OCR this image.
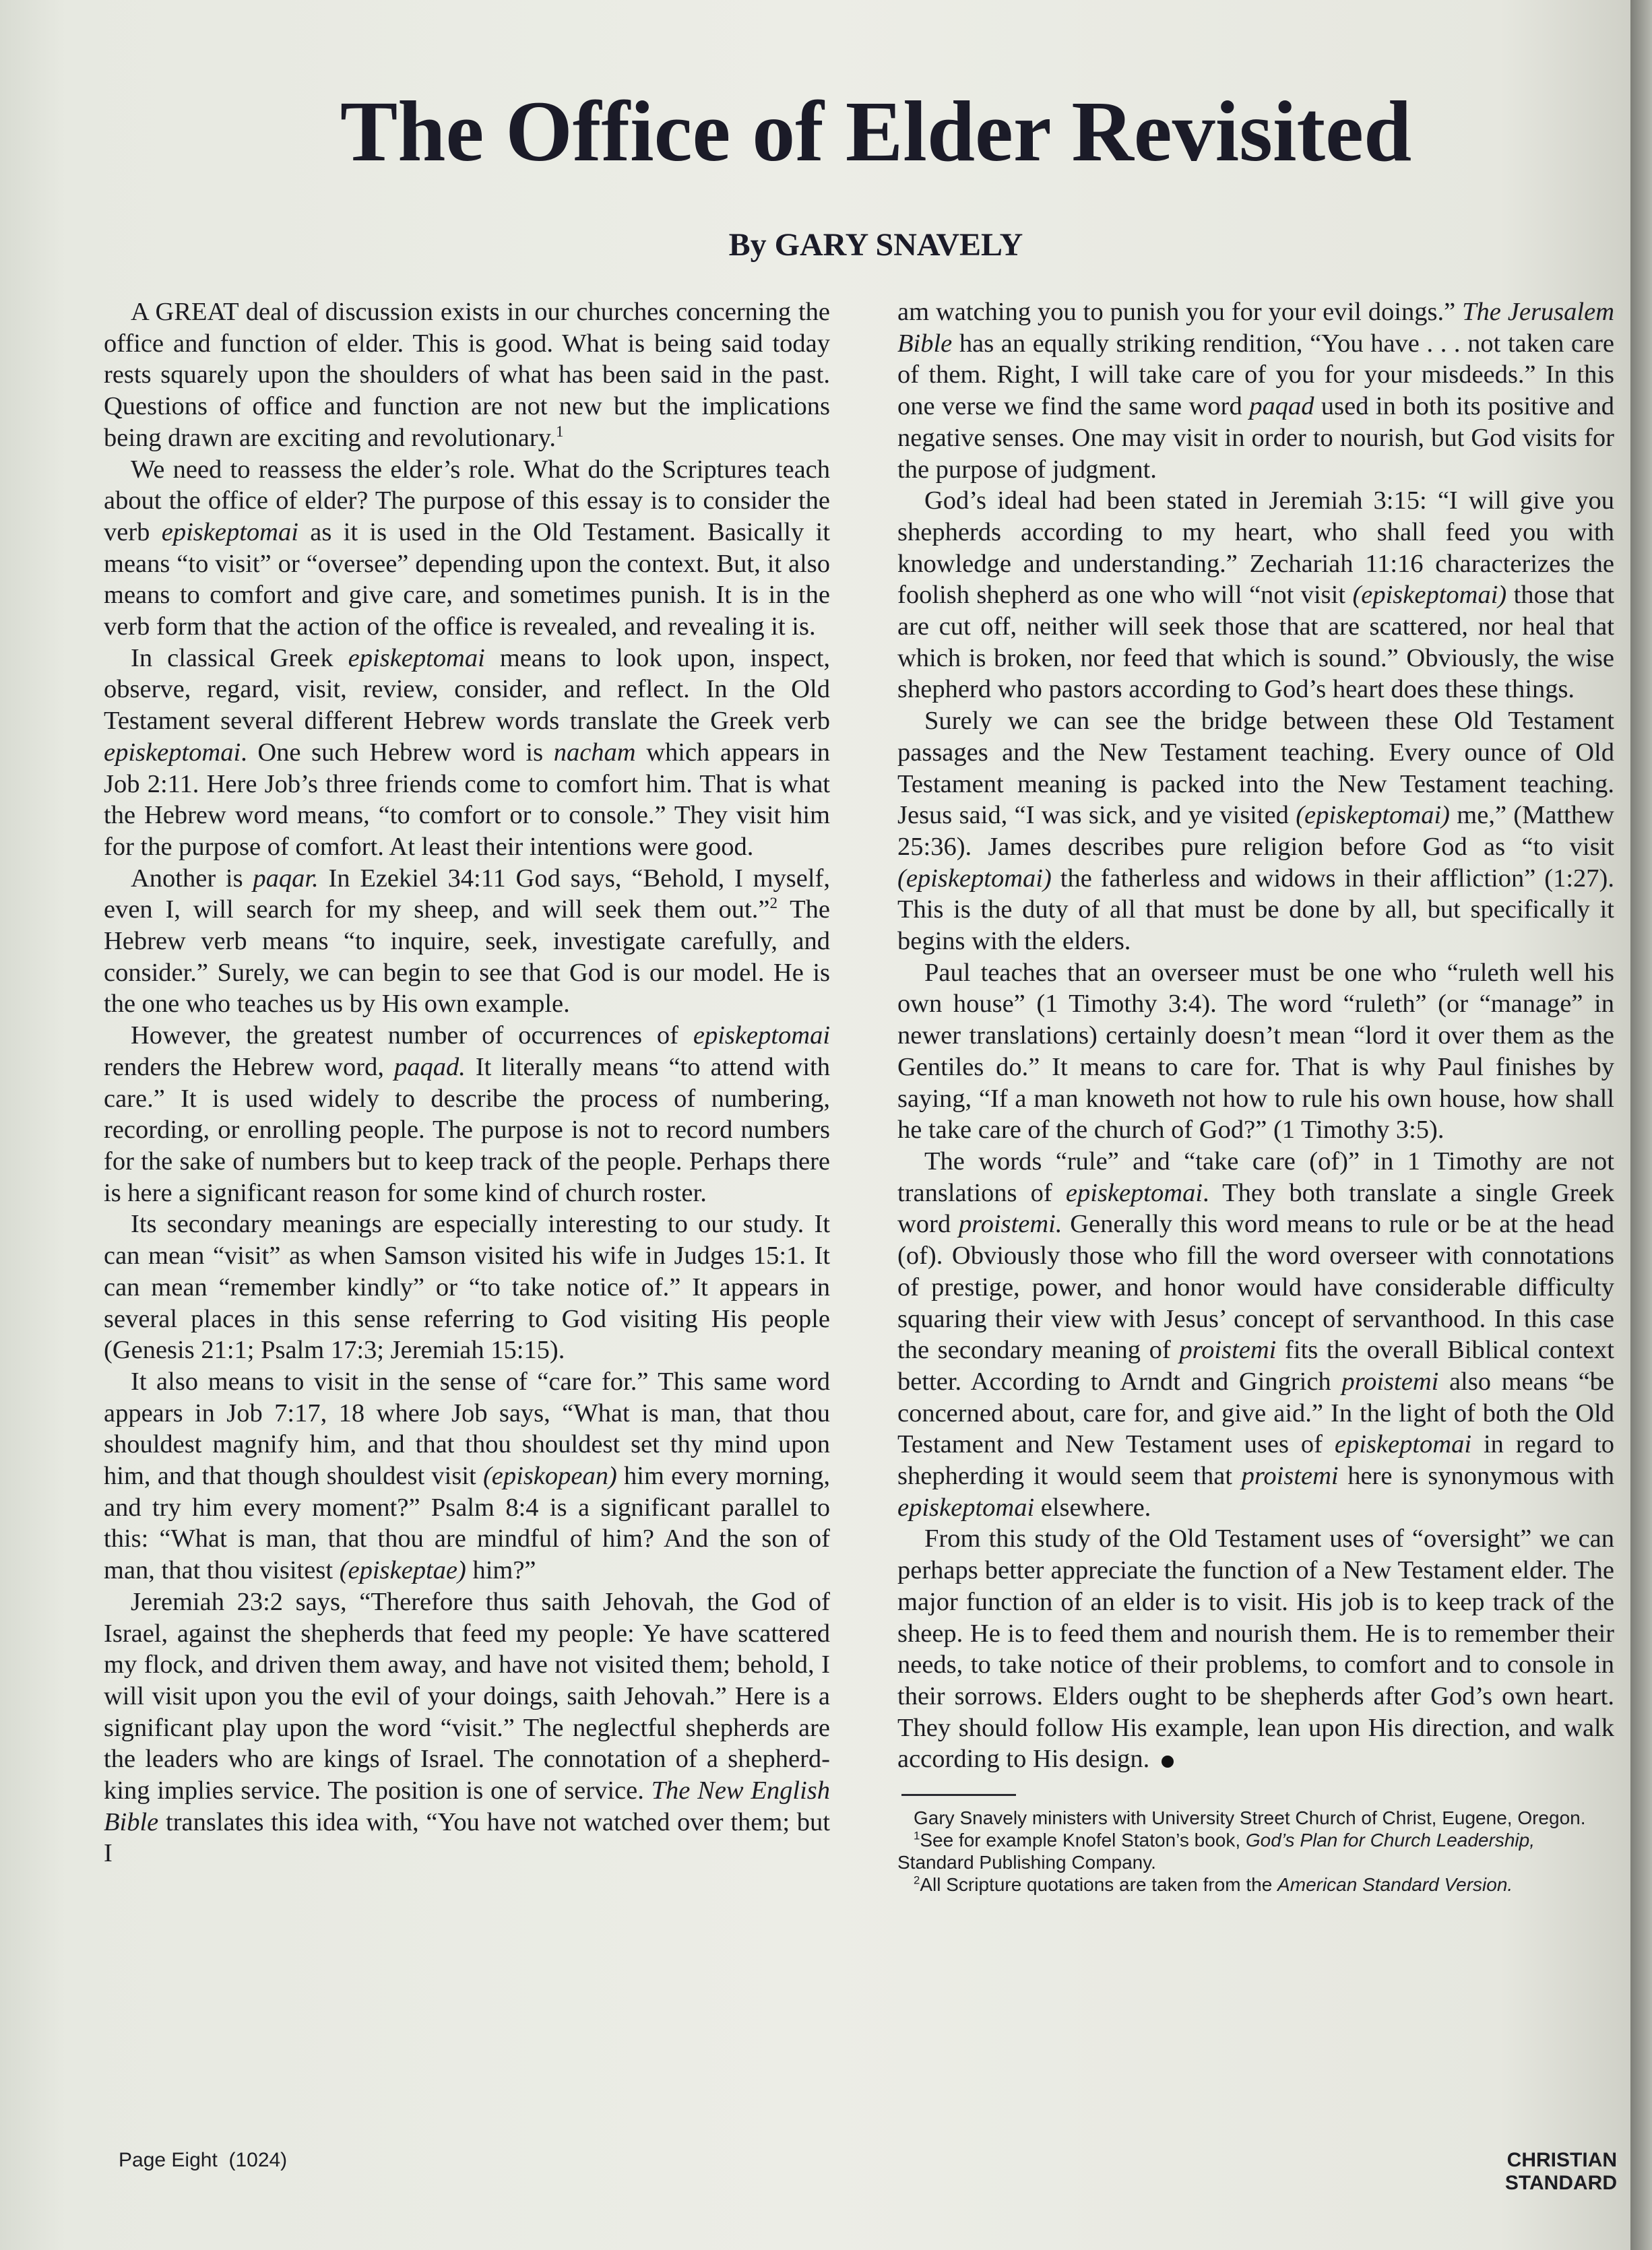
The Office of Elder Revisited
By GARY SNAVELY

A GREAT deal of discussion exists in our churches concerning the office and function of elder. This is good. What is being said today rests squarely upon the shoulders of what has been said in the past. Questions of office and function are not new but the implications being drawn are exciting and revolutionary.$^1$

We need to reassess the elder’s role. What do the Scriptures teach about the office of elder? The purpose of this essay is to consider the verb episkeptomai as it is used in the Old Testament. Basically it means “to visit” or “oversee” depending upon the context. But, it also means to comfort and give care, and sometimes punish. It is in the verb form that the action of the office is revealed, and revealing it is.

In classical Greek episkeptomai means to look upon, inspect, observe, regard, visit, review, consider, and reflect. In the Old Testament several different Hebrew words translate the Greek verb episkeptomai. One such Hebrew word is nacham which appears in Job 2:11. Here Job’s three friends come to comfort him. That is what the Hebrew word means, “to comfort or to console.” They visit him for the purpose of comfort. At least their intentions were good.

Another is paqar. In Ezekiel 34:11 God says, “Behold, I myself, even I, will search for my sheep, and will seek them out.”$^2$ The Hebrew verb means “to inquire, seek, investigate carefully, and consider.” Surely, we can begin to see that God is our model. He is the one who teaches us by His own example.

However, the greatest number of occurrences of episkeptomai renders the Hebrew word, paqad. It literally means “to attend with care.” It is used widely to describe the process of numbering, recording, or enrolling people. The purpose is not to record numbers for the sake of numbers but to keep track of the people. Perhaps there is here a significant reason for some kind of church roster.

Its secondary meanings are especially interesting to our study. It can mean “visit” as when Samson visited his wife in Judges 15:1. It can mean “remember kindly” or “to take notice of.” It appears in several places in this sense referring to God visiting His people (Genesis 21:1; Psalm 17:3; Jeremiah 15:15).

It also means to visit in the sense of “care for.” This same word appears in Job 7:17, 18 where Job says, “What is man, that thou shouldest magnify him, and that thou shouldest set thy mind upon him, and that though shouldest visit (episkopean) him every morning, and try him every moment?” Psalm 8:4 is a significant parallel to this: “What is man, that thou are mindful of him? And the son of man, that thou visitest (episkeptae) him?”

Jeremiah 23:2 says, “Therefore thus saith Jehovah, the God of Israel, against the shepherds that feed my people: Ye have scattered my flock, and driven them away, and have not visited them; behold, I will visit upon you the evil of your doings, saith Jehovah.” Here is a significant play upon the word “visit.” The neglectful shepherds are the leaders who are kings of Israel. The connotation of a shepherd-king implies service. The position is one of service. The New English Bible translates this idea with, “You have not watched over them; but I

am watching you to punish you for your evil doings.” The Jerusalem Bible has an equally striking rendition, “You have . . . not taken care of them. Right, I will take care of you for your misdeeds.” In this one verse we find the same word paqad used in both its positive and negative senses. One may visit in order to nourish, but God visits for the purpose of judgment.

God’s ideal had been stated in Jeremiah 3:15: “I will give you shepherds according to my heart, who shall feed you with knowledge and understanding.” Zechariah 11:16 characterizes the foolish shepherd as one who will “not visit (episkeptomai) those that are cut off, neither will seek those that are scattered, nor heal that which is broken, nor feed that which is sound.” Obviously, the wise shepherd who pastors according to God’s heart does these things.

Surely we can see the bridge between these Old Testament passages and the New Testament teaching. Every ounce of Old Testament meaning is packed into the New Testament teaching. Jesus said, “I was sick, and ye visited (episkeptomai) me,” (Matthew 25:36). James describes pure religion before God as “to visit (episkeptomai) the fatherless and widows in their affliction” (1:27). This is the duty of all that must be done by all, but specifically it begins with the elders.

Paul teaches that an overseer must be one who “ruleth well his own house” (1 Timothy 3:4). The word “ruleth” (or “manage” in newer translations) certainly doesn’t mean “lord it over them as the Gentiles do.” It means to care for. That is why Paul finishes by saying, “If a man knoweth not how to rule his own house, how shall he take care of the church of God?” (1 Timothy 3:5).

The words “rule” and “take care (of)” in 1 Timothy are not translations of episkeptomai. They both translate a single Greek word proistemi. Generally this word means to rule or be at the head (of). Obviously those who fill the word overseer with connotations of prestige, power, and honor would have considerable difficulty squaring their view with Jesus’ concept of servanthood. In this case the secondary meaning of proistemi fits the overall Biblical context better. According to Arndt and Gingrich proistemi also means “be concerned about, care for, and give aid.” In the light of both the Old Testament and New Testament uses of episkeptomai in regard to shepherding it would seem that proistemi here is synonymous with episkeptomai elsewhere.

From this study of the Old Testament uses of “oversight” we can perhaps better appreciate the function of a New Testament elder. The major function of an elder is to visit. His job is to keep track of the sheep. He is to feed them and nourish them. He is to remember their needs, to take notice of their problems, to comfort and to console in their sorrows. Elders ought to be shepherds after God’s own heart. They should follow His example, lean upon His direction, and walk according to His design.

Gary Snavely ministers with University Street Church of Christ, Eugene, Oregon.

$^1$See for example Knofel Staton’s book, God’s Plan for Church Leadership, Standard Publishing Company.

$^2$All Scripture quotations are taken from the American Standard Version.

Page Eight (1024)	CHRISTIAN STANDARD
